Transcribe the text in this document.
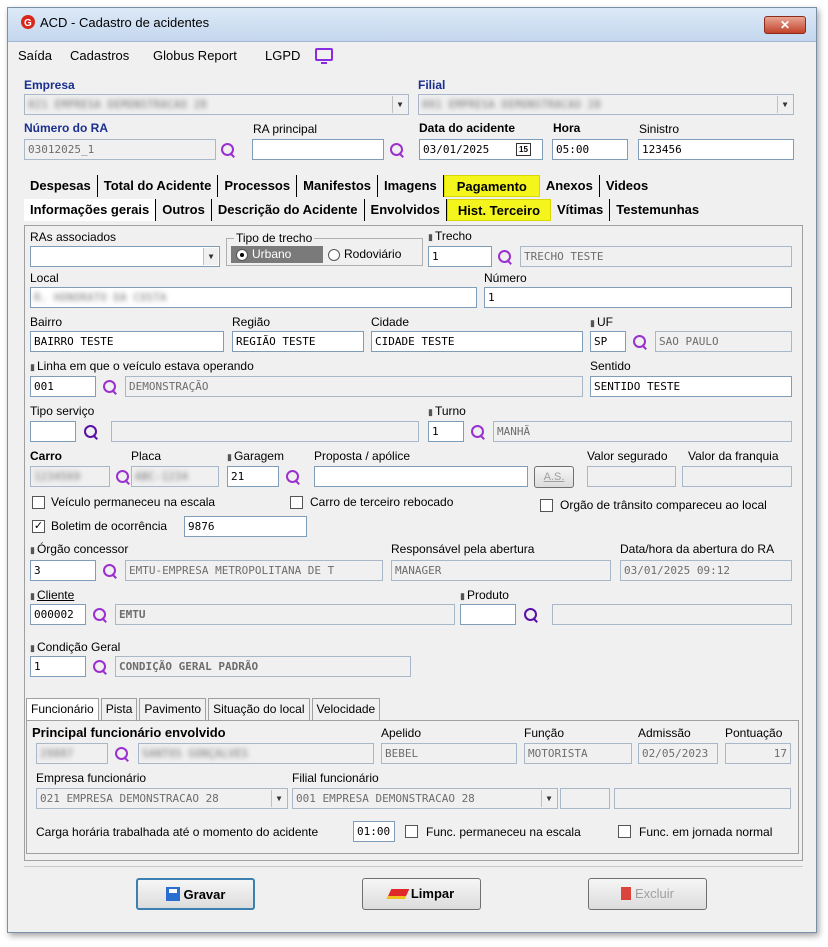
G ACD - Cadastro de acidentes	✕
Saída Cadastros Globus Report LGPD
Empresa
021 EMPRESA DEMONSTRACAO 28	▼
Filial
001 EMPRESA DEMONSTRACAO 28	▼
Número do RA
03012025_1
RA principal	Data do acidente
03/01/2025	15
Hora
05:00
Sinistro
123456
Despesas	Total do Acidente	Processos	Manifestos	Imagens	Pagamento	Anexos	Videos
Informações gerais	Outros	Descrição do Acidente	Envolvidos	Hist. Terceiro	Vítimas	Testemunhas
RAs associados
▼
Tipo de trecho
Urbano	Rodoviário
▮ Trecho
1	TRECHO TESTE
Local
R. HONORATO DA COSTA
Número
1
Bairro
BAIRRO TESTE
Região
REGIÃO TESTE
Cidade
CIDADE TESTE
▮ UF
SP	SAO PAULO
▮ Linha em que o veículo estava operando
001	DEMONSTRAÇÃO
Sentido
SENTIDO TESTE
Tipo serviço	▮ Turno
1	MANHÃ
Carro
1234569
Placa
ABC-1234
▮ Garagem
21
Proposta / apólice
A.S.
Valor segurado Valor da franquia
Veículo permaneceu na escala	Carro de terceiro rebocado	Orgão de trânsito compareceu ao local
✓ Boletim de ocorrência	9876
▮ Órgão concessor
3	EMTU-EMPRESA METROPOLITANA DE T
Responsável pela abertura
MANAGER
Data/hora da abertura do RA
03/01/2025 09:12
▮ Cliente
000002	EMTU
▮ Produto
▮ Condição Geral
1	CONDIÇÃO GERAL PADRÃO
Funcionário	Pista	Pavimento	Situação do local	Velocidade
Principal funcionário envolvido
29887	SANTOS GONÇALVES
Apelido
BEBEL
Função
MOTORISTA
Admissão
02/05/2023
Pontuação
17
Empresa funcionário
021 EMPRESA DEMONSTRACAO 28	▼
Filial funcionário
001 EMPRESA DEMONSTRACAO 28	▼
Carga horária trabalhada até o momento do acidente	01:00	Func. permaneceu na escala	Func. em jornada normal
Gravar	Limpar	Excluir
